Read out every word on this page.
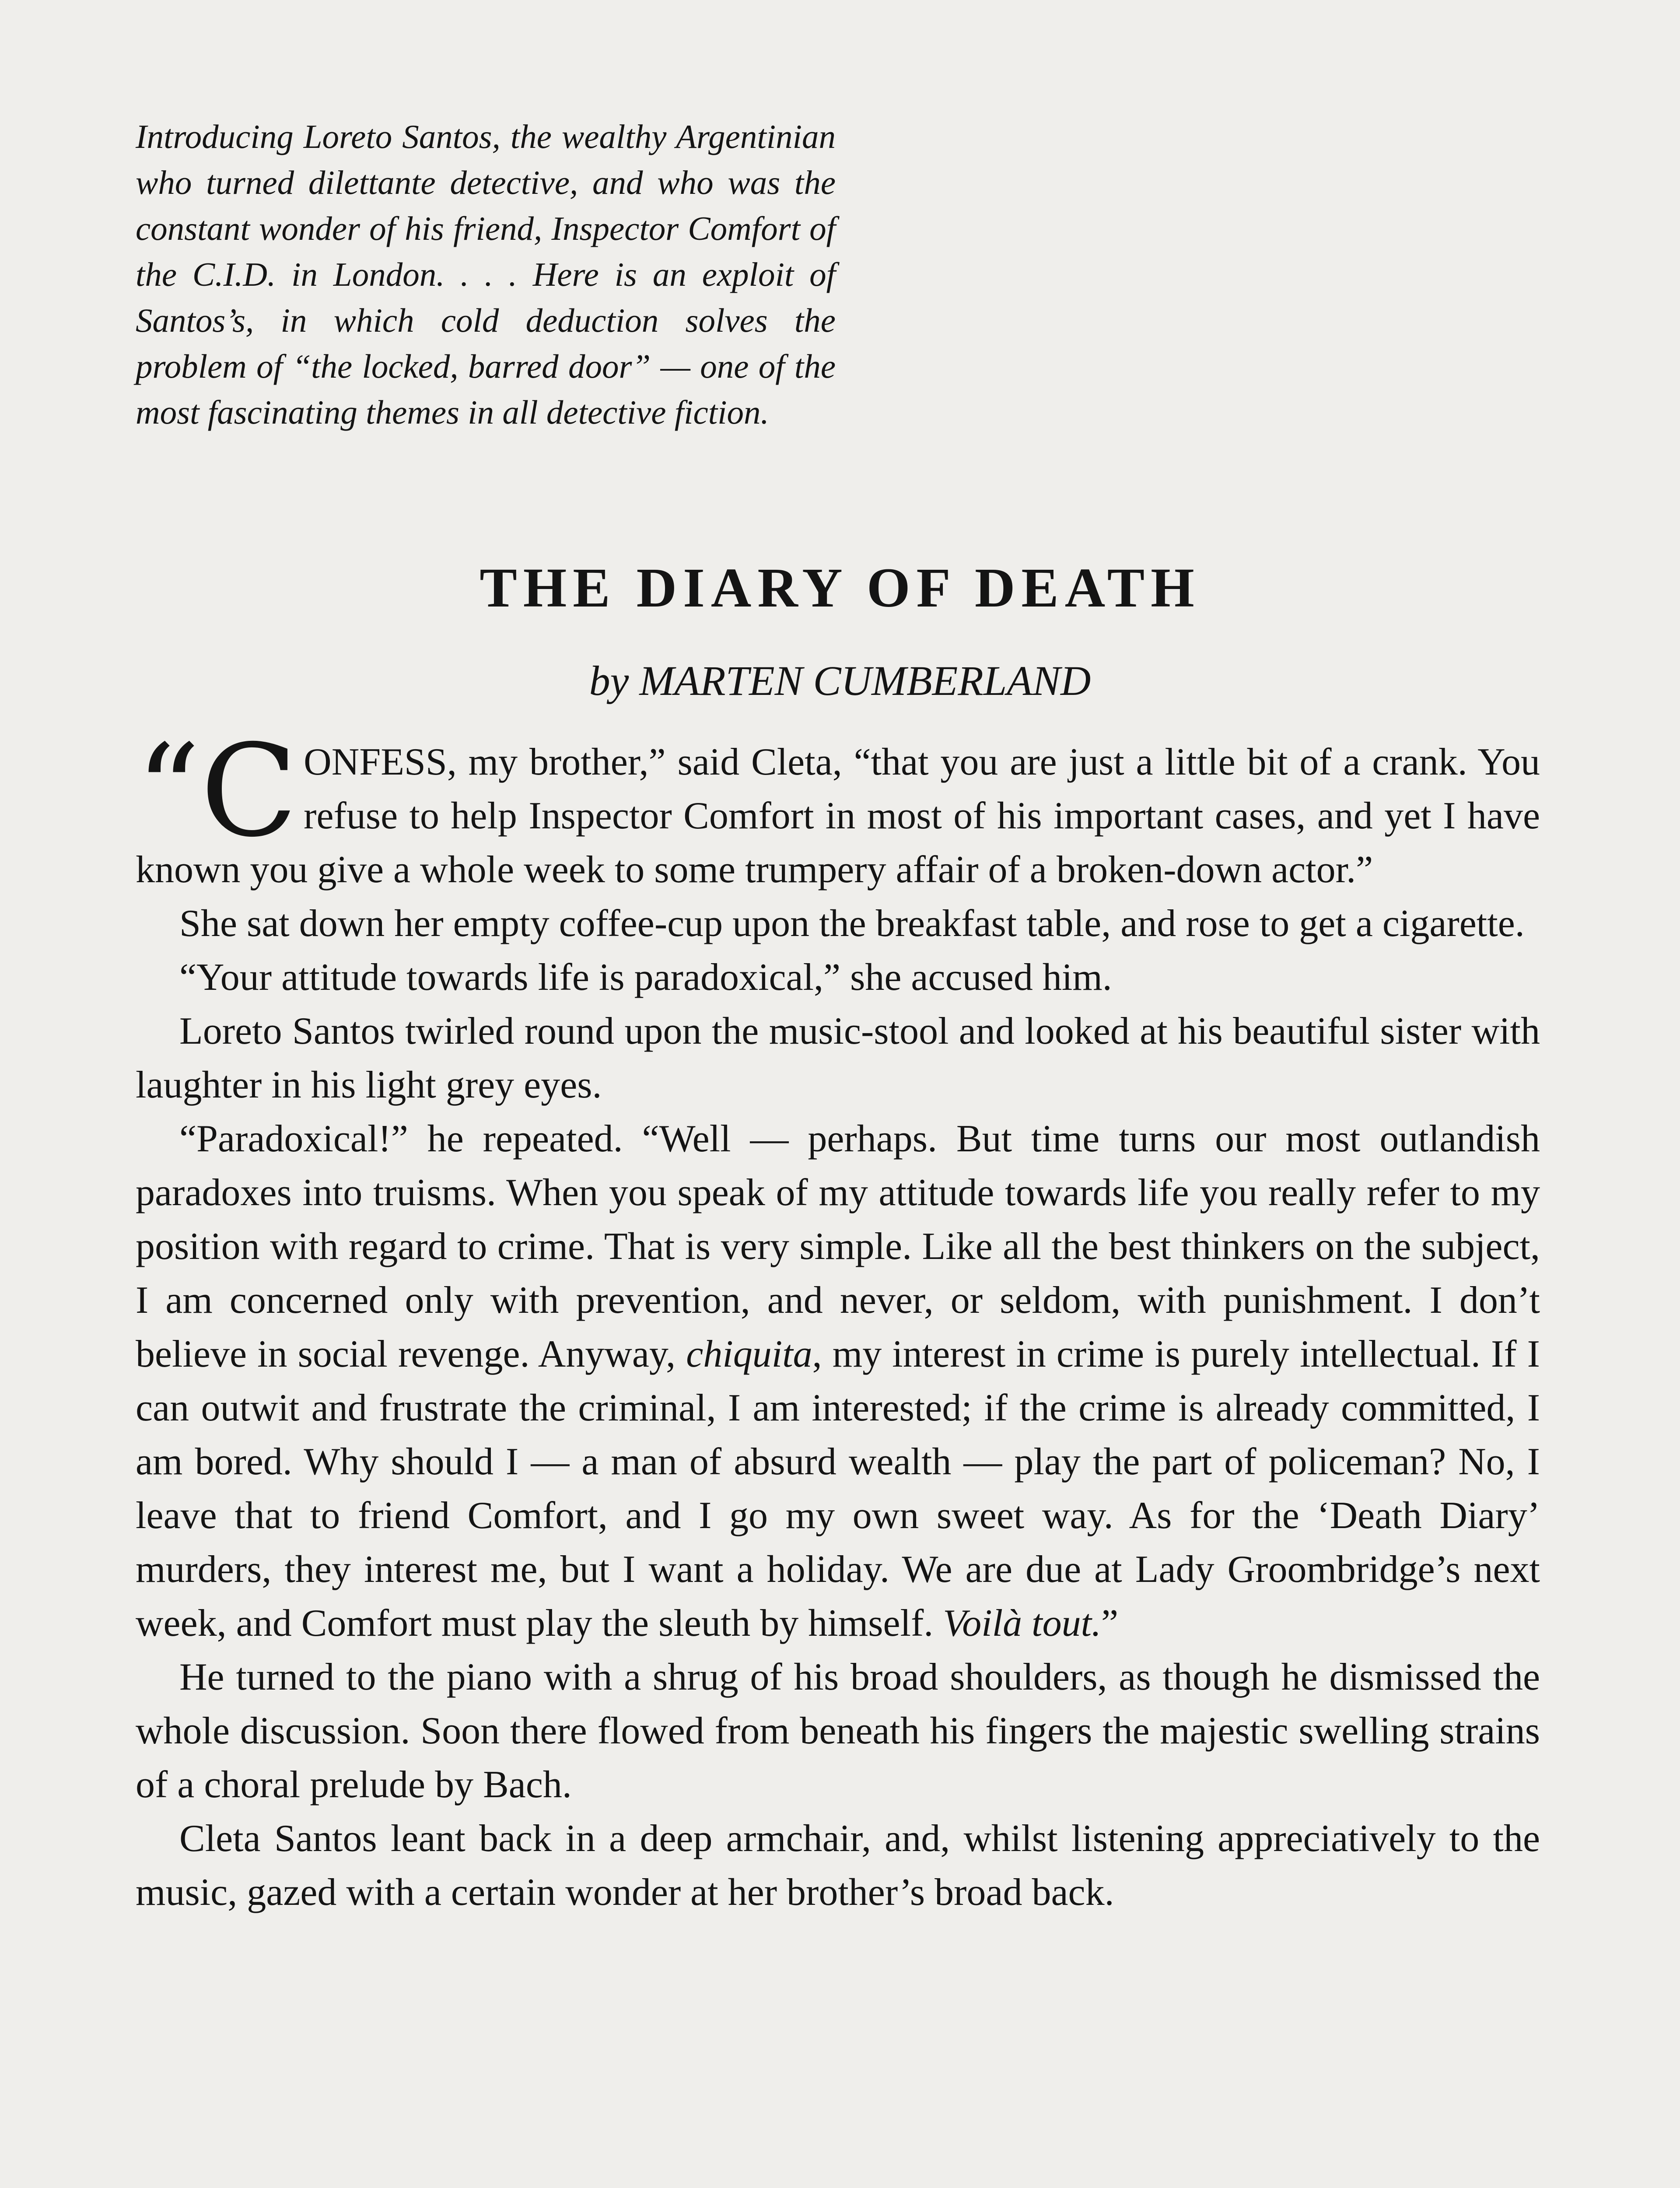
Introducing Loreto Santos, the wealthy Argentinian who turned dilettante detective, and who was the constant wonder of his friend, Inspector Comfort of the C.I.D. in London. . . . Here is an exploit of Santos’s, in which cold deduction solves the problem of “the locked, barred door” — one of the most fascinating themes in all detective fiction.

THE DIARY OF DEATH

by MARTEN CUMBERLAND

“C ONFESS, my brother,” said Cleta, “that you are just a little bit of a crank. You refuse to help Inspector Comfort in most of his important cases, and yet I have known you give a whole week to some trumpery affair of a broken-down actor.”

She sat down her empty coffee-cup upon the breakfast table, and rose to get a cigarette.

“Your attitude towards life is paradoxical,” she accused him.

Loreto Santos twirled round upon the music-stool and looked at his beautiful sister with laughter in his light grey eyes.

“Paradoxical!” he repeated. “Well — perhaps. But time turns our most outlandish paradoxes into truisms. When you speak of my attitude towards life you really refer to my position with regard to crime. That is very simple. Like all the best thinkers on the subject, I am concerned only with prevention, and never, or seldom, with punishment. I don’t believe in social revenge. Anyway, chiquita, my interest in crime is purely intellectual. If I can outwit and frustrate the criminal, I am interested; if the crime is already committed, I am bored. Why should I — a man of absurd wealth — play the part of policeman? No, I leave that to friend Comfort, and I go my own sweet way. As for the ‘Death Diary’ murders, they interest me, but I want a holiday. We are due at Lady Groombridge’s next week, and Comfort must play the sleuth by himself. Voilà tout.”

He turned to the piano with a shrug of his broad shoulders, as though he dismissed the whole discussion. Soon there flowed from beneath his fingers the majestic swelling strains of a choral prelude by Bach.

Cleta Santos leant back in a deep armchair, and, whilst listening appreciatively to the music, gazed with a certain wonder at her brother’s broad back.
